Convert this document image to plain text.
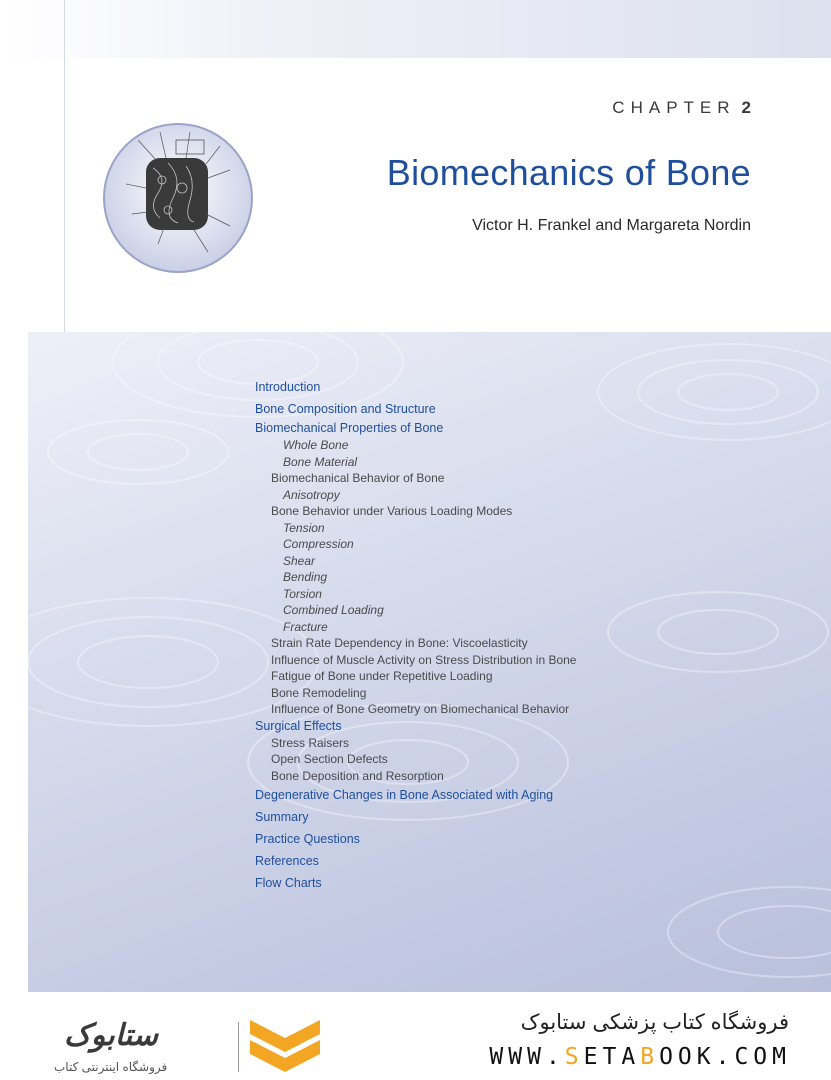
CHAPTER 2
Biomechanics of Bone
Victor H. Frankel and Margareta Nordin
Introduction
Bone Composition and Structure
Biomechanical Properties of Bone
Whole Bone
Bone Material
Biomechanical Behavior of Bone
Anisotropy
Bone Behavior under Various Loading Modes
Tension
Compression
Shear
Bending
Torsion
Combined Loading
Fracture
Strain Rate Dependency in Bone: Viscoelasticity
Influence of Muscle Activity on Stress Distribution in Bone
Fatigue of Bone under Repetitive Loading
Bone Remodeling
Influence of Bone Geometry on Biomechanical Behavior
Surgical Effects
Stress Raisers
Open Section Defects
Bone Deposition and Resorption
Degenerative Changes in Bone Associated with Aging
Summary
Practice Questions
References
Flow Charts
ستابوک
فروشگاه اینترنتی کتاب
فروشگاه کتاب پزشکی ستابوک
WWW.SETABOOK.COM
